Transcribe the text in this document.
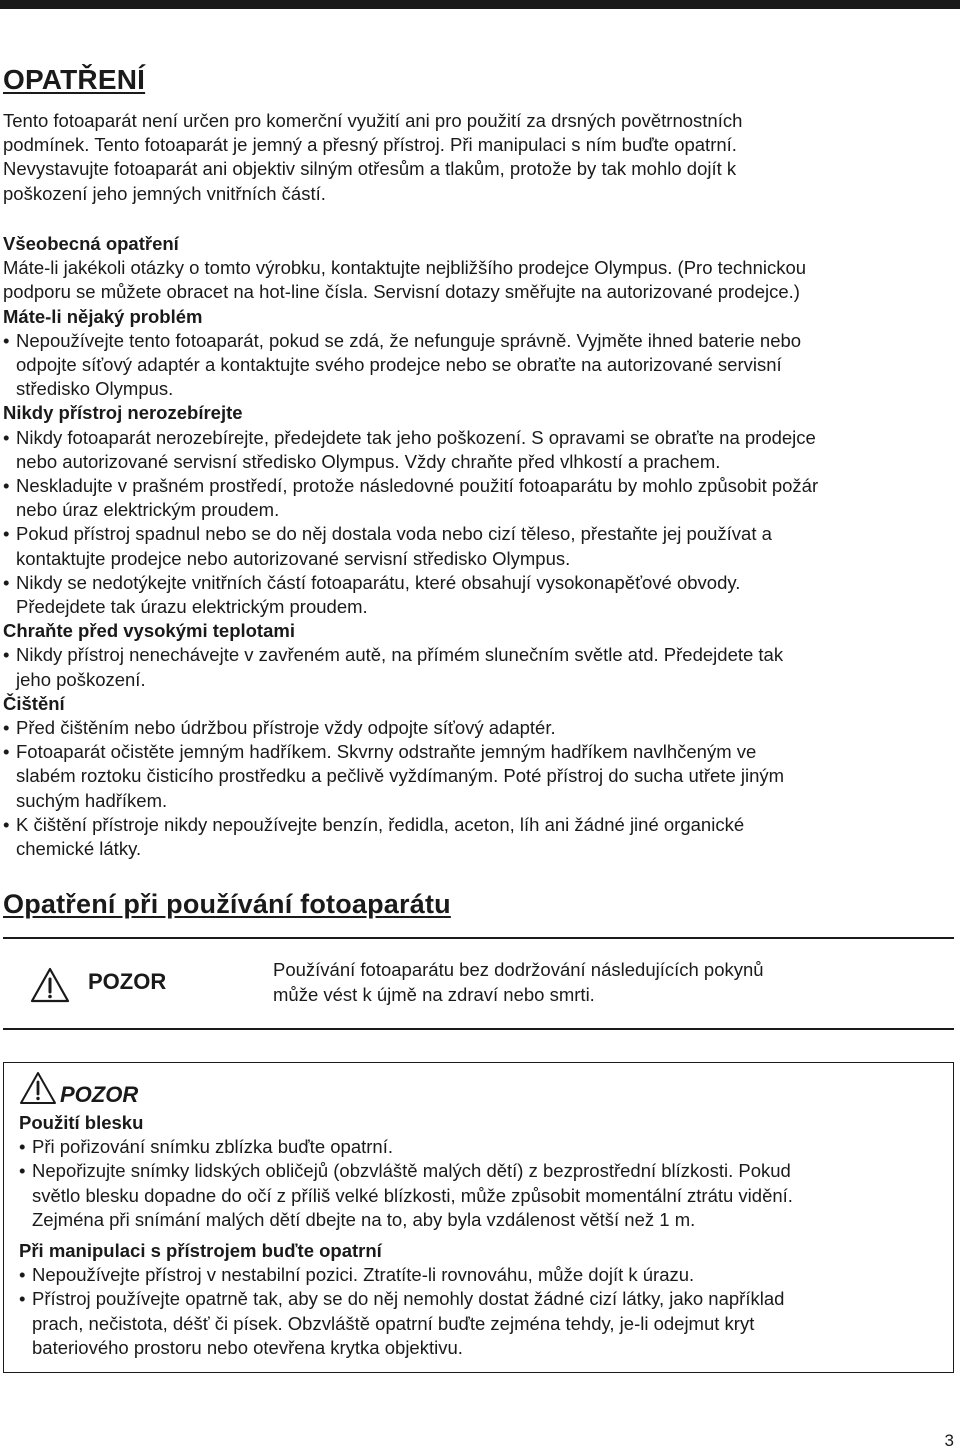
OPATŘENÍ
Tento fotoaparát není určen pro komerční využití ani pro použití za drsných povětrnostních
podmínek. Tento fotoaparát je jemný a přesný přístroj. Při manipulaci s ním buďte opatrní.
Nevystavujte fotoaparát ani objektiv silným otřesům a tlakům, protože by tak mohlo dojít k
poškození jeho jemných vnitřních částí.
Všeobecná opatření
Máte-li jakékoli otázky o tomto výrobku, kontaktujte nejbližšího prodejce Olympus. (Pro technickou
podporu se můžete obracet na hot-line čísla. Servisní dotazy směřujte na autorizované prodejce.)
Máte-li nějaký problém
• Nepoužívejte tento fotoaparát, pokud se zdá, že nefunguje správně. Vyjměte ihned baterie nebo
odpojte síťový adaptér a kontaktujte svého prodejce nebo se obraťte na autorizované servisní
středisko Olympus.
Nikdy přístroj nerozebírejte
• Nikdy fotoaparát nerozebírejte, předejdete tak jeho poškození. S opravami se obraťte na prodejce
nebo autorizované servisní středisko Olympus. Vždy chraňte před vlhkostí a prachem.
• Neskladujte v prašném prostředí, protože následovné použití fotoaparátu by mohlo způsobit požár
nebo úraz elektrickým proudem.
• Pokud přístroj spadnul nebo se do něj dostala voda nebo cizí těleso, přestaňte jej používat a
kontaktujte prodejce nebo autorizované servisní středisko Olympus.
• Nikdy se nedotýkejte vnitřních částí fotoaparátu, které obsahují vysokonapěťové obvody.
Předejdete tak úrazu elektrickým proudem.
Chraňte před vysokými teplotami
• Nikdy přístroj nenechávejte v zavřeném autě, na přímém slunečním světle atd. Předejdete tak
jeho poškození.
Čištění
• Před čištěním nebo údržbou přístroje vždy odpojte síťový adaptér.
• Fotoaparát očistěte jemným hadříkem. Skvrny odstraňte jemným hadříkem navlhčeným ve
slabém roztoku čisticího prostředku a pečlivě vyždímaným. Poté přístroj do sucha utřete jiným
suchým hadříkem.
• K čištění přístroje nikdy nepoužívejte benzín, ředidla, aceton, líh ani žádné jiné organické
chemické látky.
Opatření při používání fotoaparátu
POZOR	Používání fotoaparátu bez dodržování následujících pokynů
může vést k újmě na zdraví nebo smrti.
POZOR
Použití blesku
• Při pořizování snímku zblízka buďte opatrní.
• Nepořizujte snímky lidských obličejů (obzvláště malých dětí) z bezprostřední blízkosti. Pokud
světlo blesku dopadne do očí z příliš velké blízkosti, může způsobit momentální ztrátu vidění.
Zejména při snímání malých dětí dbejte na to, aby byla vzdálenost větší než 1 m.
Při manipulaci s přístrojem buďte opatrní
• Nepoužívejte přístroj v nestabilní pozici. Ztratíte-li rovnováhu, může dojít k úrazu.
• Přístroj používejte opatrně tak, aby se do něj nemohly dostat žádné cizí látky, jako například
prach, nečistota, déšť či písek. Obzvláště opatrní buďte zejména tehdy, je-li odejmut kryt
bateriového prostoru nebo otevřena krytka objektivu.
3
